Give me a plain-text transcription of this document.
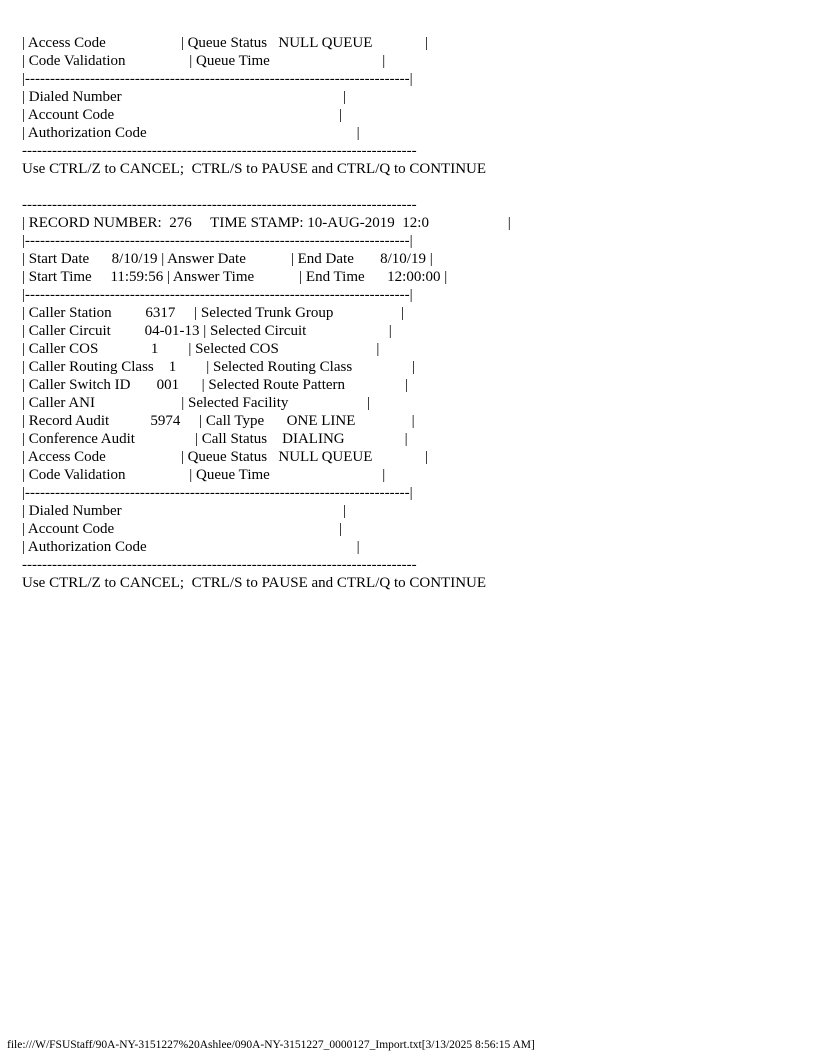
| Access Code                    | Queue Status   NULL QUEUE              |
| Code Validation                 | Queue Time                              |
|-----------------------------------------------------------------------------|
| Dialed Number                                                           |
| Account Code                                                            |
| Authorization Code                                                        |
-------------------------------------------------------------------------------
Use CTRL/Z to CANCEL;  CTRL/S to PAUSE and CTRL/Q to CONTINUE
-------------------------------------------------------------------------------
| RECORD NUMBER:  276     TIME STAMP: 10-AUG-2019  12:0                     |
|-----------------------------------------------------------------------------|
| Start Date      8/10/19 | Answer Date            | End Date       8/10/19 |
| Start Time     11:59:56 | Answer Time            | End Time      12:00:00 |
|-----------------------------------------------------------------------------|
| Caller Station         6317     | Selected Trunk Group                  |
| Caller Circuit         04-01-13 | Selected Circuit                      |
| Caller COS              1        | Selected COS                          |
| Caller Routing Class    1        | Selected Routing Class                |
| Caller Switch ID       001      | Selected Route Pattern                |
| Caller ANI                       | Selected Facility                     |
| Record Audit           5974     | Call Type      ONE LINE               |
| Conference Audit                | Call Status    DIALING                |
| Access Code                    | Queue Status   NULL QUEUE              |
| Code Validation                 | Queue Time                              |
|-----------------------------------------------------------------------------|
| Dialed Number                                                           |
| Account Code                                                            |
| Authorization Code                                                        |
-------------------------------------------------------------------------------
Use CTRL/Z to CANCEL;  CTRL/S to PAUSE and CTRL/Q to CONTINUE
file:///W/FSUStaff/90A-NY-3151227%20Ashlee/090A-NY-3151227_0000127_Import.txt[3/13/2025 8:56:15 AM]
